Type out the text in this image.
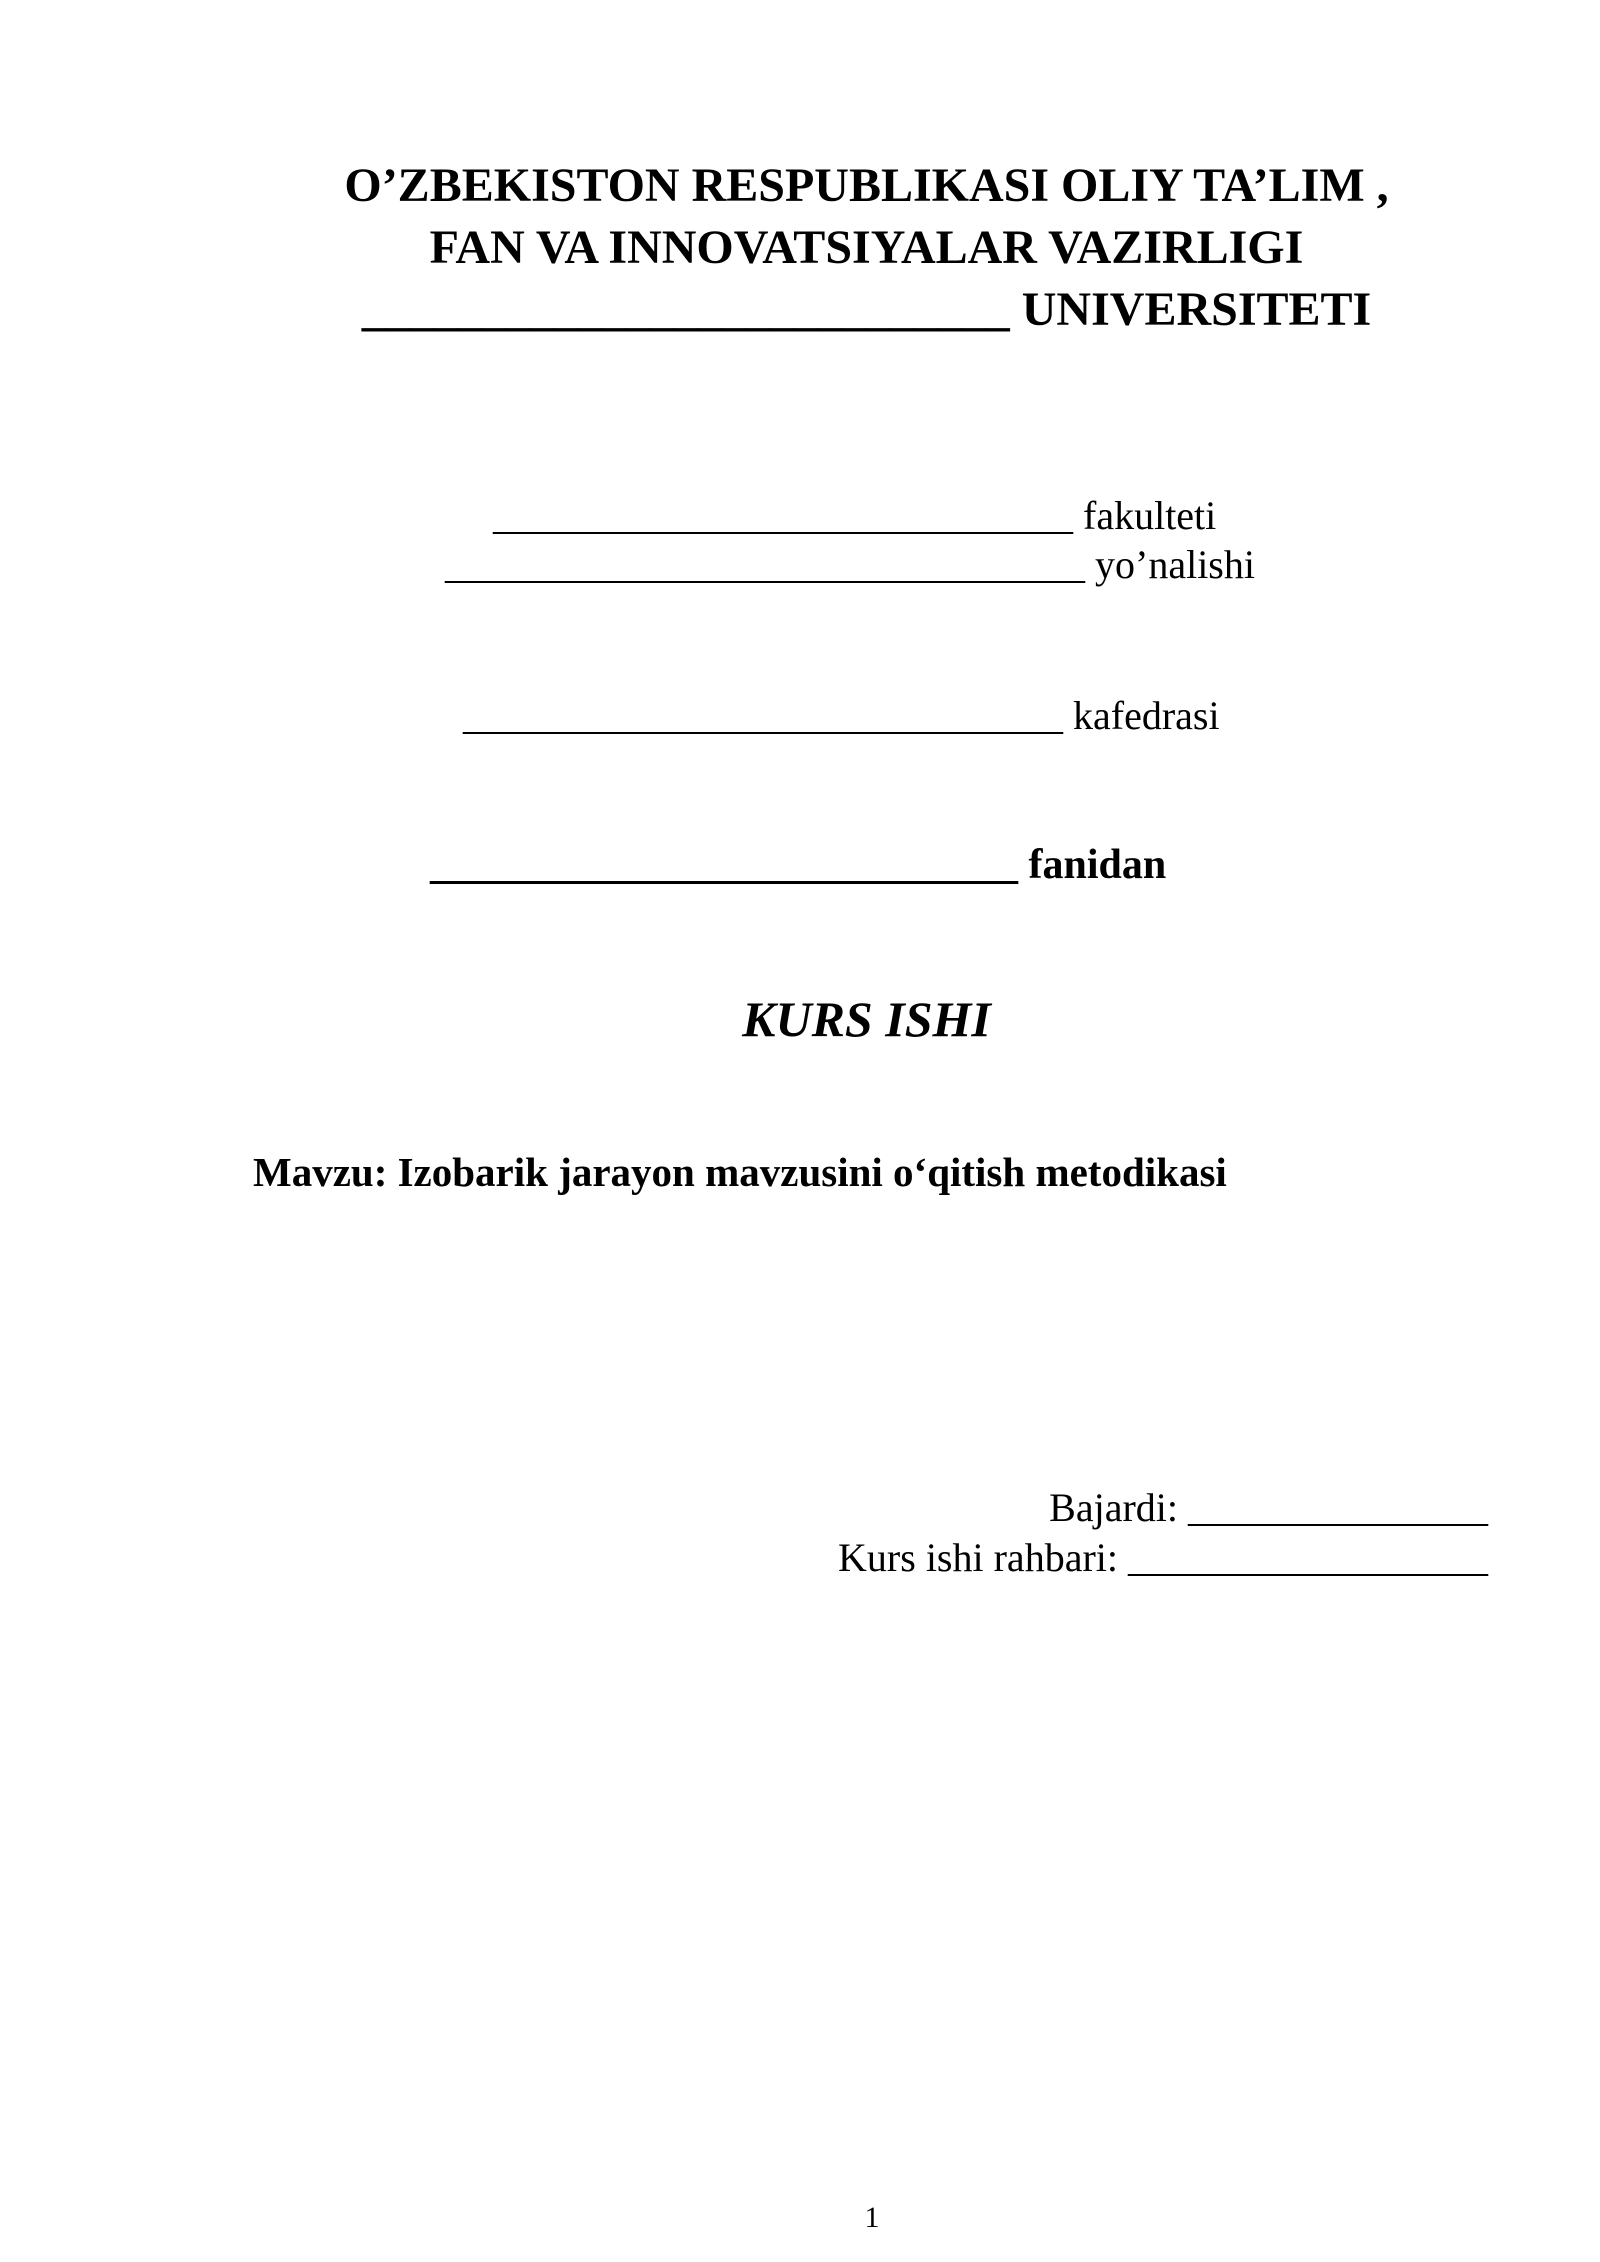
O’ZBEKISTON RESPUBLIKASI OLIY TA’LIM ,
FAN VA INNOVATSIYALAR VAZIRLIGI
___________________________ UNIVERSITETI
_____________________________ fakulteti
________________________________ yo’nalishi
______________________________ kafedrasi
____________________________ fanidan
KURS ISHI
Mavzu: Izobarik jarayon mavzusini o‘qitish metodikasi
Bajardi: _______________
Kurs ishi rahbari: __________________
1
